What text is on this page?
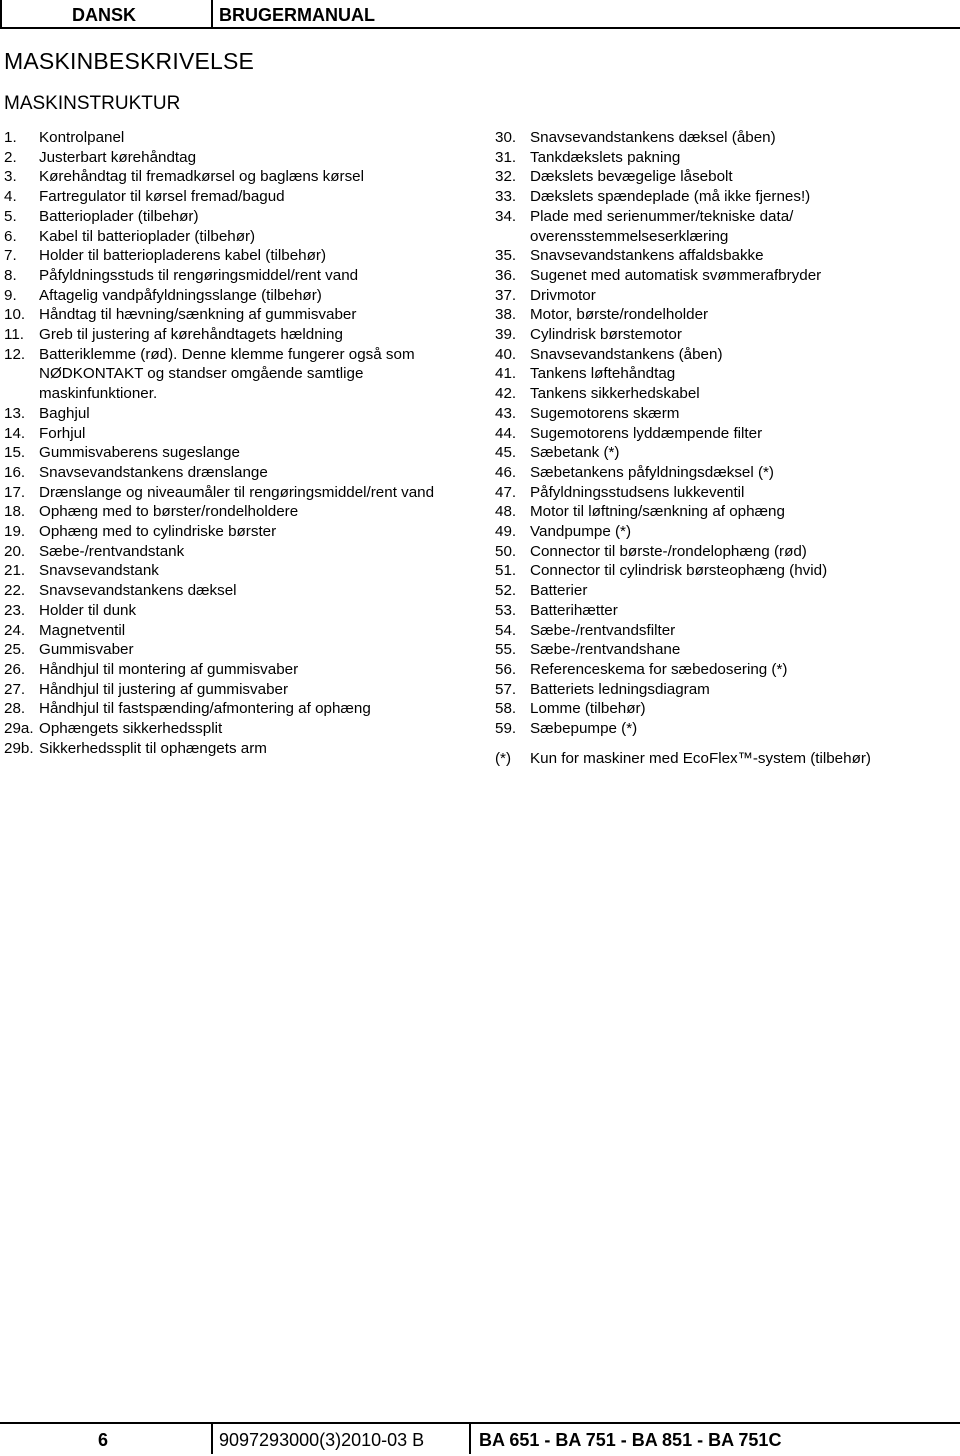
DANSK	BRUGERMANUAL
MASKINBESKRIVELSE
MASKINSTRUKTUR
1.	Kontrolpanel
2.	Justerbart kørehåndtag
3.	Kørehåndtag til fremadkørsel og baglæns kørsel
4.	Fartregulator til kørsel fremad/bagud
5.	Batterioplader (tilbehør)
6.	Kabel til batterioplader (tilbehør)
7.	Holder til batteriopladerens kabel (tilbehør)
8.	Påfyldningsstuds til rengøringsmiddel/rent vand
9.	Aftagelig vandpåfyldningsslange (tilbehør)
10. Håndtag til hævning/sænkning af gummisvaber
11. Greb til justering af kørehåndtagets hældning
12. Batteriklemme (rød). Denne klemme fungerer også som NØDKONTAKT og standser omgående samtlige maskinfunktioner.
13. Baghjul
14. Forhjul
15. Gummisvaberens sugeslange
16. Snavsevandstankens drænslange
17. Drænslange og niveaumåler til rengøringsmiddel/rent vand
18. Ophæng med to børster/rondelholdere
19. Ophæng med to cylindriske børster
20. Sæbe-/rentvandstank
21. Snavsevandstank
22. Snavsevandstankens dæksel
23. Holder til dunk
24. Magnetventil
25. Gummisvaber
26. Håndhjul til montering af gummisvaber
27. Håndhjul til justering af gummisvaber
28. Håndhjul til fastspænding/afmontering af ophæng
29a. Ophængets sikkerhedssplit
29b. Sikkerhedssplit til ophængets arm
30. Snavsevandstankens dæksel (åben)
31. Tankdækslets pakning
32. Dækslets bevægelige låsebolt
33. Dækslets spændeplade (må ikke fjernes!)
34. Plade med serienummer/tekniske data/ overensstemmelseserklæring
35. Snavsevandstankens affaldsbakke
36. Sugenet med automatisk svømmerafbryder
37. Drivmotor
38. Motor, børste/rondelholder
39. Cylindrisk børstemotor
40. Snavsevandstankens (åben)
41. Tankens løftehåndtag
42. Tankens sikkerhedskabel
43. Sugemotorens skærm
44. Sugemotorens lyddæmpende filter
45. Sæbetank (*)
46. Sæbetankens påfyldningsdæksel (*)
47. Påfyldningsstudsens lukkeventil
48. Motor til løftning/sænkning af ophæng
49. Vandpumpe (*)
50. Connector til børste-/rondelophæng (rød)
51. Connector til cylindrisk børsteophæng (hvid)
52. Batterier
53. Batterihætter
54. Sæbe-/rentvandsfilter
55. Sæbe-/rentvandshane
56. Referenceskema for sæbedosering (*)
57. Batteriets ledningsdiagram
58. Lomme (tilbehør)
59. Sæbepumpe (*)
(*)	Kun for maskiner med EcoFlex™-system (tilbehør)
6	9097293000(3)2010-03 B	BA 651 - BA 751 - BA 851 - BA 751C
